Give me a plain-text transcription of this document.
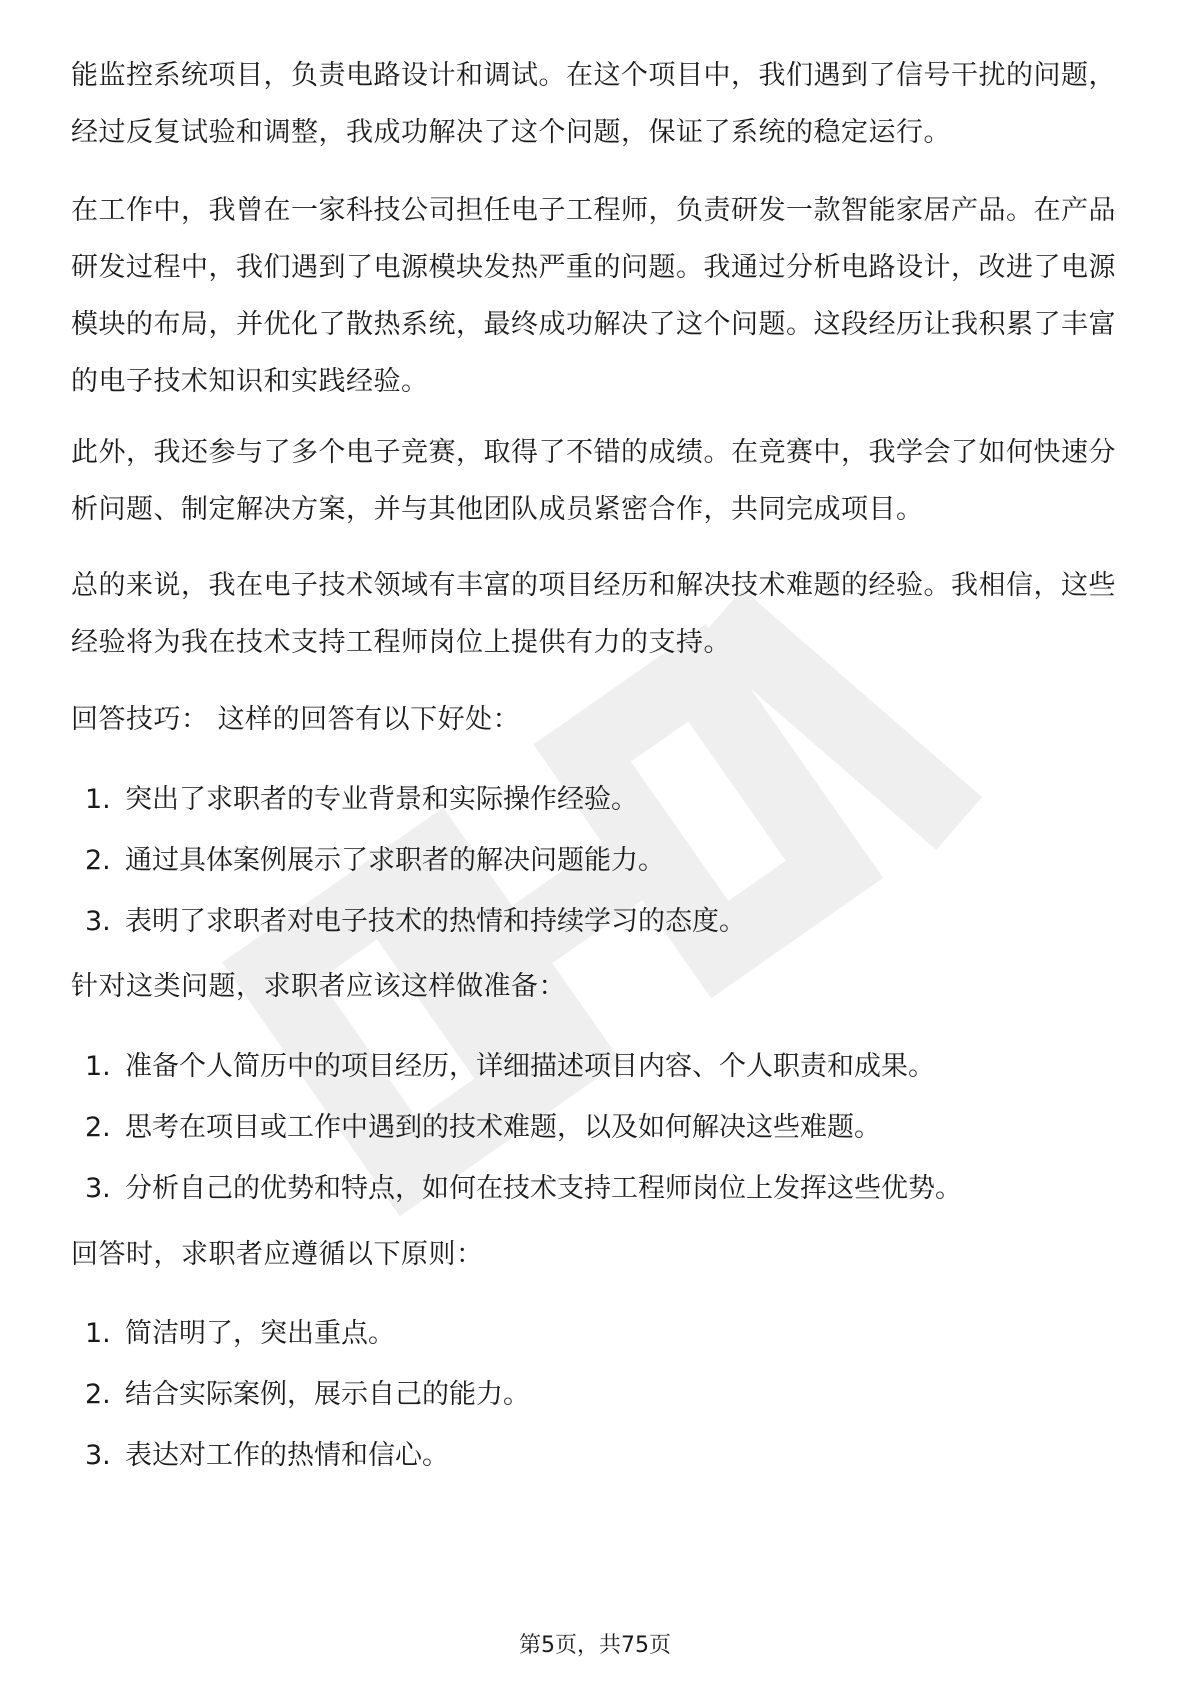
能监控系统项目，负责电路设计和调试。在这个项目中，我们遇到了信号干扰的问题，经过反复试验和调整，我成功解决了这个问题，保证了系统的稳定运行。

在工作中，我曾在一家科技公司担任电子工程师，负责研发一款智能家居产品。在产品研发过程中，我们遇到了电源模块发热严重的问题。我通过分析电路设计，改进了电源模块的布局，并优化了散热系统，最终成功解决了这个问题。这段经历让我积累了丰富的电子技术知识和实践经验。

此外，我还参与了多个电子竞赛，取得了不错的成绩。在竞赛中，我学会了如何快速分析问题、制定解决方案，并与其他团队成员紧密合作，共同完成项目。

总的来说，我在电子技术领域有丰富的项目经历和解决技术难题的经验。我相信，这些经验将为我在技术支持工程师岗位上提供有力的支持。

回答技巧： 这样的回答有以下好处：

1. 突出了求职者的专业背景和实际操作经验。
2. 通过具体案例展示了求职者的解决问题能力。
3. 表明了求职者对电子技术的热情和持续学习的态度。

针对这类问题，求职者应该这样做准备：

1. 准备个人简历中的项目经历，详细描述项目内容、个人职责和成果。
2. 思考在项目或工作中遇到的技术难题，以及如何解决这些难题。
3. 分析自己的优势和特点，如何在技术支持工程师岗位上发挥这些优势。

回答时，求职者应遵循以下原则：

1. 简洁明了，突出重点。
2. 结合实际案例，展示自己的能力。
3. 表达对工作的热情和信心。
第5页，共75页
